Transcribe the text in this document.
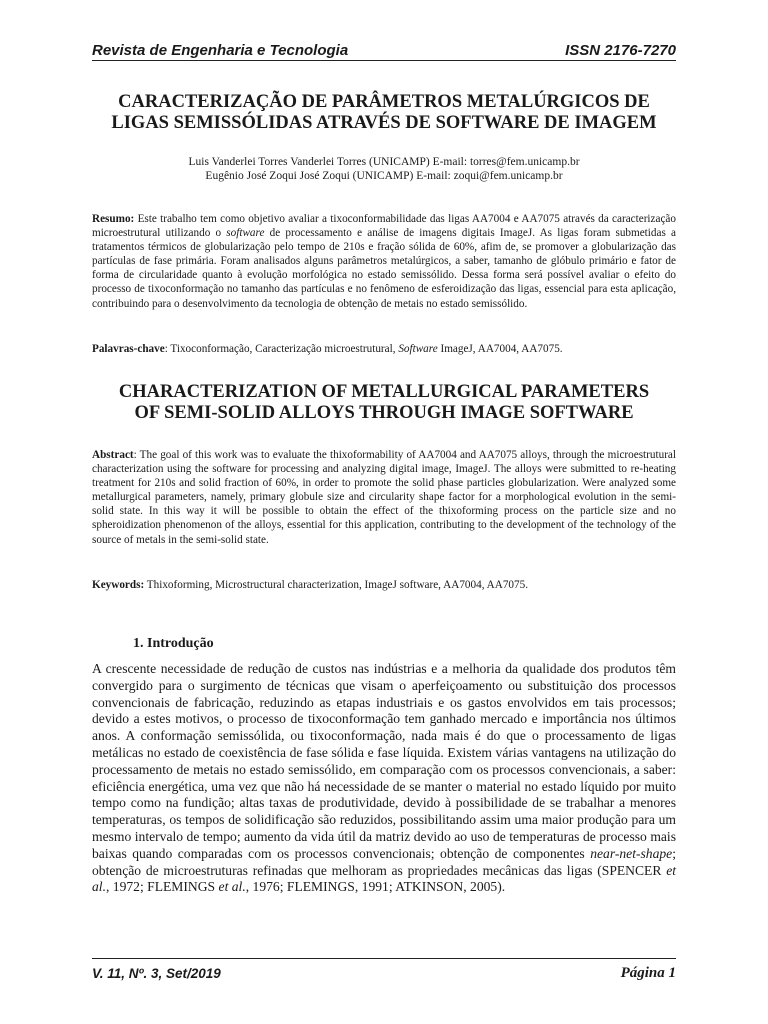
Revista de Engenharia e Tecnologia	ISSN 2176-7270
CARACTERIZAÇÃO DE PARÂMETROS METALÚRGICOS DE
LIGAS SEMISSÓLIDAS ATRAVÉS DE SOFTWARE DE IMAGEM
Luis Vanderlei Torres Vanderlei Torres (UNICAMP) E-mail: torres@fem.unicamp.br
Eugênio José Zoqui José Zoqui (UNICAMP) E-mail: zoqui@fem.unicamp.br
Resumo: Este trabalho tem como objetivo avaliar a tixoconformabilidade das ligas AA7004 e AA7075 através da caracterização microestrutural utilizando o software de processamento e análise de imagens digitais ImageJ. As ligas foram submetidas a tratamentos térmicos de globularização pelo tempo de 210s e fração sólida de 60%, afim de, se promover a globularização das partículas de fase primária. Foram analisados alguns parâmetros metalúrgicos, a saber, tamanho de glóbulo primário e fator de forma de circularidade quanto à evolução morfológica no estado semissólido. Dessa forma será possível avaliar o efeito do processo de tixoconformação no tamanho das partículas e no fenômeno de esferoidização das ligas, essencial para esta aplicação, contribuindo para o desenvolvimento da tecnologia de obtenção de metais no estado semissólido.
Palavras-chave: Tixoconformação, Caracterização microestrutural, Software ImageJ, AA7004, AA7075.
CHARACTERIZATION OF METALLURGICAL PARAMETERS
OF SEMI-SOLID ALLOYS THROUGH IMAGE SOFTWARE
Abstract: The goal of this work was to evaluate the thixoformability of AA7004 and AA7075 alloys, through the microestrutural characterization using the software for processing and analyzing digital image, ImageJ. The alloys were submitted to re-heating treatment for 210s and solid fraction of 60%, in order to promote the solid phase particles globularization. Were analyzed some metallurgical parameters, namely, primary globule size and circularity shape factor for a morphological evolution in the semi-solid state. In this way it will be possible to obtain the effect of the thixoforming process on the particle size and no spheroidization phenomenon of the alloys, essential for this application, contributing to the development of the technology of the source of metals in the semi-solid state.
Keywords: Thixoforming, Microstructural characterization, ImageJ software, AA7004, AA7075.
1. Introdução
A crescente necessidade de redução de custos nas indústrias e a melhoria da qualidade dos produtos têm convergido para o surgimento de técnicas que visam o aperfeiçoamento ou substituição dos processos convencionais de fabricação, reduzindo as etapas industriais e os gastos envolvidos em tais processos; devido a estes motivos, o processo de tixoconformação tem ganhado mercado e importância nos últimos anos. A conformação semissólida, ou tixoconformação, nada mais é do que o processamento de ligas metálicas no estado de coexistência de fase sólida e fase líquida. Existem várias vantagens na utilização do processamento de metais no estado semissólido, em comparação com os processos convencionais, a saber: eficiência energética, uma vez que não há necessidade de se manter o material no estado líquido por muito tempo como na fundição; altas taxas de produtividade, devido à possibilidade de se trabalhar a menores temperaturas, os tempos de solidificação são reduzidos, possibilitando assim uma maior produção para um mesmo intervalo de tempo; aumento da vida útil da matriz devido ao uso de temperaturas de processo mais baixas quando comparadas com os processos convencionais; obtenção de componentes near-net-shape; obtenção de microestruturas refinadas que melhoram as propriedades mecânicas das ligas (SPENCER et al., 1972; FLEMINGS et al., 1976; FLEMINGS, 1991; ATKINSON, 2005).
V. 11, Nº. 3, Set/2019	Página 1
